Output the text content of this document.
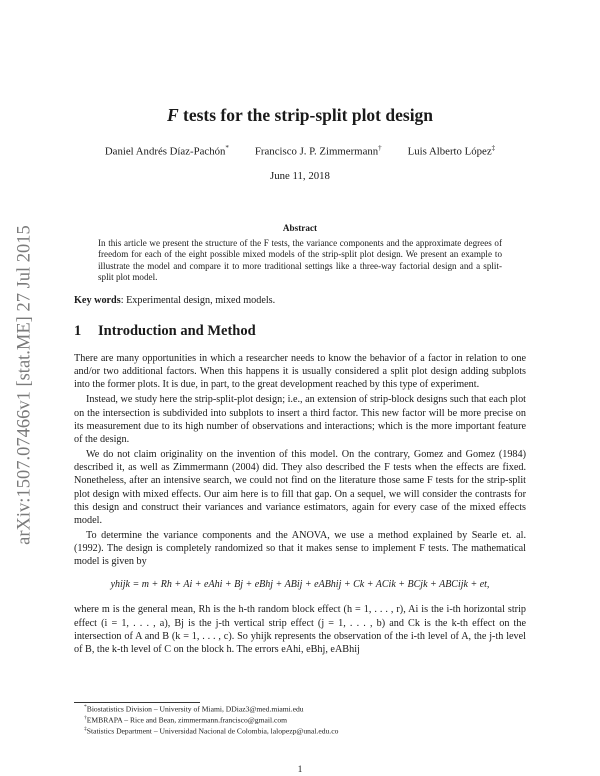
arXiv:1507.07466v1 [stat.ME] 27 Jul 2015
F tests for the strip-split plot design
Daniel Andrés Díaz-Pachón* Francisco J. P. Zimmermann† Luis Alberto López‡
June 11, 2018
Abstract
In this article we present the structure of the F tests, the variance components and the approximate degrees of freedom for each of the eight possible mixed models of the strip-split plot design. We present an example to illustrate the model and compare it to more traditional settings like a three-way factorial design and a split-split plot model.
Key words: Experimental design, mixed models.
1 Introduction and Method

There are many opportunities in which a researcher needs to know the behavior of a factor in relation to one and/or two additional factors. When this happens it is usually considered a split plot design adding subplots into the former plots. It is due, in part, to the great development reached by this type of experiment.

Instead, we study here the strip-split-plot design; i.e., an extension of strip-block designs such that each plot on the intersection is subdivided into subplots to insert a third factor. This new factor will be more precise on its measurement due to its high number of observations and interactions; which is the more important feature of the design.

We do not claim originality on the invention of this model. On the contrary, Gomez and Gomez (1984) described it, as well as Zimmermann (2004) did. They also described the F tests when the effects are fixed. Nonetheless, after an intensive search, we could not find on the literature those same F tests for the strip-split plot design with mixed effects. Our aim here is to fill that gap. On a sequel, we will consider the contrasts for this design and construct their variances and variance estimators, again for every case of the mixed effects model.

To determine the variance components and the ANOVA, we use a method explained by Searle et. al. (1992). The design is completely randomized so that it makes sense to implement F tests. The mathematical model is given by

yhijk = m + Rh + Ai + eAhi + Bj + eBhj + ABij + eABhij + Ck + ACik + BCjk + ABCijk + et,

where m is the general mean, Rh is the h-th random block effect (h = 1, . . . , r), Ai is the i-th horizontal strip effect (i = 1, . . . , a), Bj is the j-th vertical strip effect (j = 1, . . . , b) and Ck is the k-th effect on the intersection of A and B (k = 1, . . . , c). So yhijk represents the observation of the i-th level of A, the j-th level of B, the k-th level of C on the block h. The errors eAhi, eBhj, eABhij

*Biostatistics Division – University of Miami, DDiaz3@med.miami.edu
†EMBRAPA – Rice and Bean, zimmermann.francisco@gmail.com
‡Statistics Department – Universidad Nacional de Colombia, lalopezp@unal.edu.co
1
